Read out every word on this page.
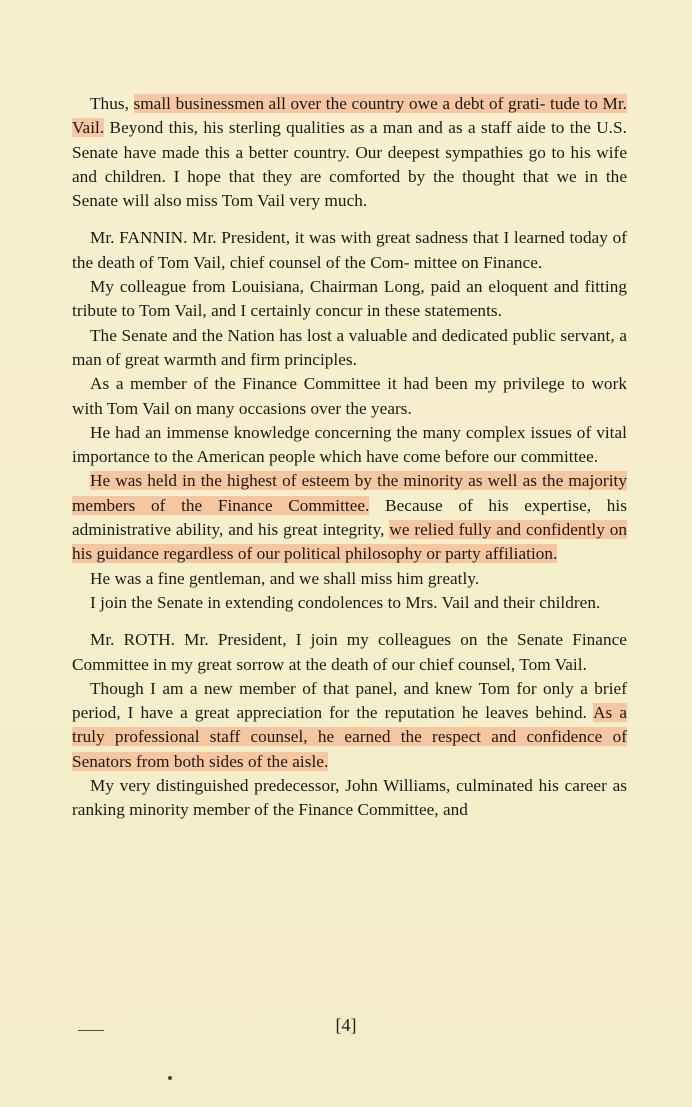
Thus, small businessmen all over the country owe a debt of grati- tude to Mr. Vail. Beyond this, his sterling qualities as a man and as a staff aide to the U.S. Senate have made this a better country. Our deepest sympathies go to his wife and children. I hope that they are comforted by the thought that we in the Senate will also miss Tom Vail very much.

Mr. FANNIN. Mr. President, it was with great sadness that I learned today of the death of Tom Vail, chief counsel of the Com- mittee on Finance.

My colleague from Louisiana, Chairman Long, paid an eloquent and fitting tribute to Tom Vail, and I certainly concur in these statements.

The Senate and the Nation has lost a valuable and dedicated public servant, a man of great warmth and firm principles.

As a member of the Finance Committee it had been my privilege to work with Tom Vail on many occasions over the years.

He had an immense knowledge concerning the many complex issues of vital importance to the American people which have come before our committee.

He was held in the highest of esteem by the minority as well as the majority members of the Finance Committee. Because of his expertise, his administrative ability, and his great integrity, we relied fully and confidently on his guidance regardless of our political philosophy or party affiliation.

He was a fine gentleman, and we shall miss him greatly.

I join the Senate in extending condolences to Mrs. Vail and their children.

Mr. ROTH. Mr. President, I join my colleagues on the Senate Finance Committee in my great sorrow at the death of our chief counsel, Tom Vail.

Though I am a new member of that panel, and knew Tom for only a brief period, I have a great appreciation for the reputation he leaves behind. As a truly professional staff counsel, he earned the respect and confidence of Senators from both sides of the aisle.

My very distinguished predecessor, John Williams, culminated his career as ranking minority member of the Finance Committee, and

[4]
